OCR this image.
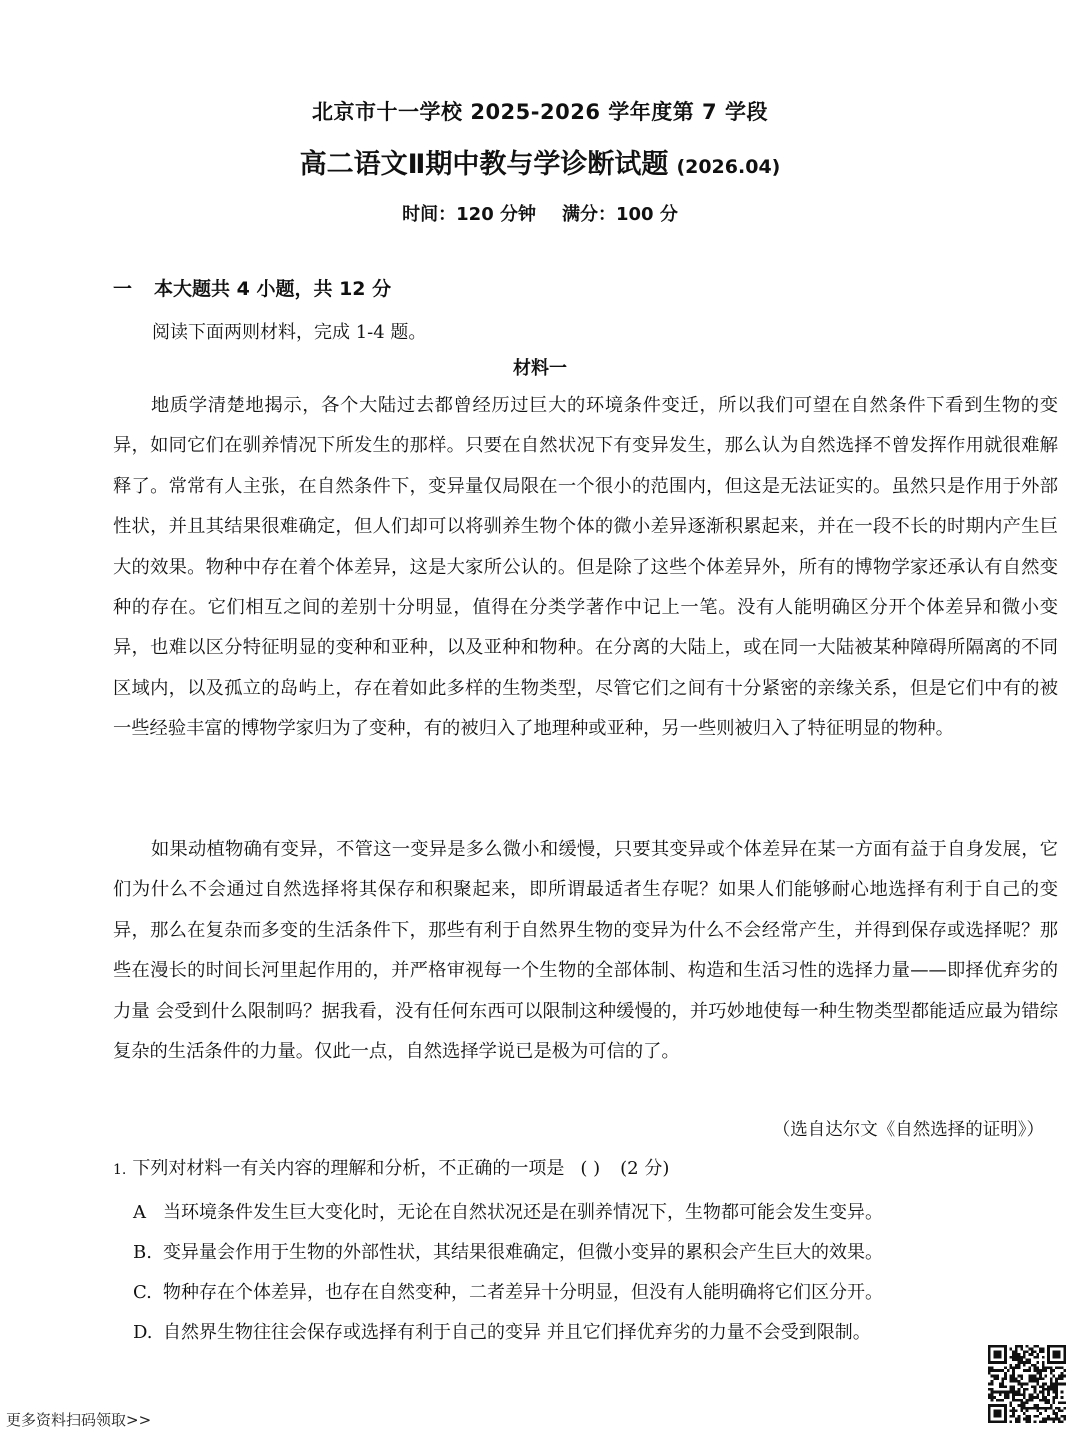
北京市十一学校 2025-2026 学年度第 7 学段
高二语文Ⅱ期中教与学诊断试题 (2026.04)
时间：120 分钟 满分：100 分
一 本大题共 4 小题，共 12 分
阅读下面两则材料，完成 1-4 题。
材料一

地质学清楚地揭示，各个大陆过去都曾经历过巨大的环境条件变迁，所以我们可望在自然条件下看到生物的变异，如同它们在驯养情况下所发生的那样。只要在自然状况下有变异发生，那么认为自然选择不曾发挥作用就很难解释了。常常有人主张，在自然条件下，变异量仅局限在一个很小的范围内，但这是无法证实的。虽然只是作用于外部性状，并且其结果很难确定，但人们却可以将驯养生物个体的微小差异逐渐积累起来，并在一段不长的时期内产生巨大的效果。物种中存在着个体差异，这是大家所公认的。但是除了这些个体差异外，所有的博物学家还承认有自然变种的存在。它们相互之间的差别十分明显，值得在分类学著作中记上一笔。没有人能明确区分开个体差异和微小变异，也难以区分特征明显的变种和亚种，以及亚种和物种。在分离的大陆上，或在同一大陆被某种障碍所隔离的不同区域内，以及孤立的岛屿上，存在着如此多样的生物类型，尽管它们之间有十分紧密的亲缘关系，但是它们中有的被一些经验丰富的博物学家归为了变种，有的被归入了地理种或亚种，另一些则被归入了特征明显的物种。

如果动植物确有变异，不管这一变异是多么微小和缓慢，只要其变异或个体差异在某一方面有益于自身发展，它们为什么不会通过自然选择将其保存和积聚起来，即所谓最适者生存呢？如果人们能够耐心地选择有利于自己的变异，那么在复杂而多变的生活条件下，那些有利于自然界生物的变异为什么不会经常产生，并得到保存或选择呢？那些在漫长的时间长河里起作用的，并严格审视每一个生物的全部体制、构造和生活习性的选择力量——即择优弃劣的力量 会受到什么限制吗？据我看，没有任何东西可以限制这种缓慢的，并巧妙地使每一种生物类型都能适应最为错综复杂的生活条件的力量。仅此一点，自然选择学说已是极为可信的了。

（选自达尔文《自然选择的证明》）
1. 下列对材料一有关内容的理解和分析，不正确的一项是 ( ) (2 分)
A 当环境条件发生巨大变化时，无论在自然状况还是在驯养情况下，生物都可能会发生变异。
B. 变异量会作用于生物的外部性状，其结果很难确定，但微小变异的累积会产生巨大的效果。
C. 物种存在个体差异，也存在自然变种，二者差异十分明显，但没有人能明确将它们区分开。
D. 自然界生物往往会保存或选择有利于自己的变异 并且它们择优弃劣的力量不会受到限制。
更多资料扫码领取>>
